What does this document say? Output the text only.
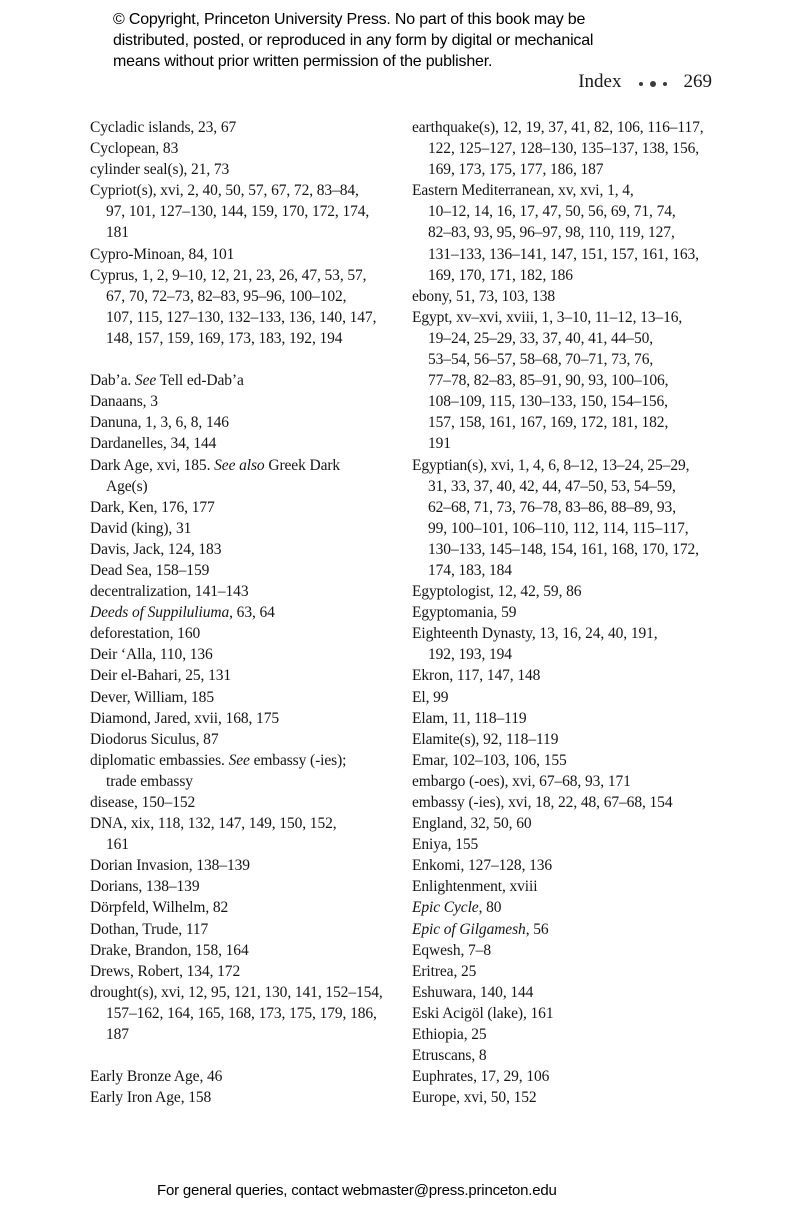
© Copyright, Princeton University Press. No part of this book may be
distributed, posted, or reproduced in any form by digital or mechanical
means without prior written permission of the publisher.
Index	269
Cycladic islands, 23, 67
Cyclopean, 83
cylinder seal(s), 21, 73
Cypriot(s), xvi, 2, 40, 50, 57, 67, 72, 83–84,
97, 101, 127–130, 144, 159, 170, 172, 174,
181
Cypro-Minoan, 84, 101
Cyprus, 1, 2, 9–10, 12, 21, 23, 26, 47, 53, 57,
67, 70, 72–73, 82–83, 95–96, 100–102,
107, 115, 127–130, 132–133, 136, 140, 147,
148, 157, 159, 169, 173, 183, 192, 194
Dab’a. See Tell ed-Dab’a
Danaans, 3
Danuna, 1, 3, 6, 8, 146
Dardanelles, 34, 144
Dark Age, xvi, 185. See also Greek Dark
Age(s)
Dark, Ken, 176, 177
David (king), 31
Davis, Jack, 124, 183
Dead Sea, 158–159
decentralization, 141–143
Deeds of Suppiluliuma, 63, 64
deforestation, 160
Deir ‘Alla, 110, 136
Deir el-Bahari, 25, 131
Dever, William, 185
Diamond, Jared, xvii, 168, 175
Diodorus Siculus, 87
diplomatic embassies. See embassy (-ies);
trade embassy
disease, 150–152
DNA, xix, 118, 132, 147, 149, 150, 152,
161
Dorian Invasion, 138–139
Dorians, 138–139
Dörpfeld, Wilhelm, 82
Dothan, Trude, 117
Drake, Brandon, 158, 164
Drews, Robert, 134, 172
drought(s), xvi, 12, 95, 121, 130, 141, 152–154,
157–162, 164, 165, 168, 173, 175, 179, 186,
187
Early Bronze Age, 46
Early Iron Age, 158
earthquake(s), 12, 19, 37, 41, 82, 106, 116–117,
122, 125–127, 128–130, 135–137, 138, 156,
169, 173, 175, 177, 186, 187
Eastern Mediterranean, xv, xvi, 1, 4,
10–12, 14, 16, 17, 47, 50, 56, 69, 71, 74,
82–83, 93, 95, 96–97, 98, 110, 119, 127,
131–133, 136–141, 147, 151, 157, 161, 163,
169, 170, 171, 182, 186
ebony, 51, 73, 103, 138
Egypt, xv–xvi, xviii, 1, 3–10, 11–12, 13–16,
19–24, 25–29, 33, 37, 40, 41, 44–50,
53–54, 56–57, 58–68, 70–71, 73, 76,
77–78, 82–83, 85–91, 90, 93, 100–106,
108–109, 115, 130–133, 150, 154–156,
157, 158, 161, 167, 169, 172, 181, 182,
191
Egyptian(s), xvi, 1, 4, 6, 8–12, 13–24, 25–29,
31, 33, 37, 40, 42, 44, 47–50, 53, 54–59,
62–68, 71, 73, 76–78, 83–86, 88–89, 93,
99, 100–101, 106–110, 112, 114, 115–117,
130–133, 145–148, 154, 161, 168, 170, 172,
174, 183, 184
Egyptologist, 12, 42, 59, 86
Egyptomania, 59
Eighteenth Dynasty, 13, 16, 24, 40, 191,
192, 193, 194
Ekron, 117, 147, 148
El, 99
Elam, 11, 118–119
Elamite(s), 92, 118–119
Emar, 102–103, 106, 155
embargo (-oes), xvi, 67–68, 93, 171
embassy (-ies), xvi, 18, 22, 48, 67–68, 154
England, 32, 50, 60
Eniya, 155
Enkomi, 127–128, 136
Enlightenment, xviii
Epic Cycle, 80
Epic of Gilgamesh, 56
Eqwesh, 7–8
Eritrea, 25
Eshuwara, 140, 144
Eski Acigöl (lake), 161
Ethiopia, 25
Etruscans, 8
Euphrates, 17, 29, 106
Europe, xvi, 50, 152
For general queries, contact webmaster@press.princeton.edu
